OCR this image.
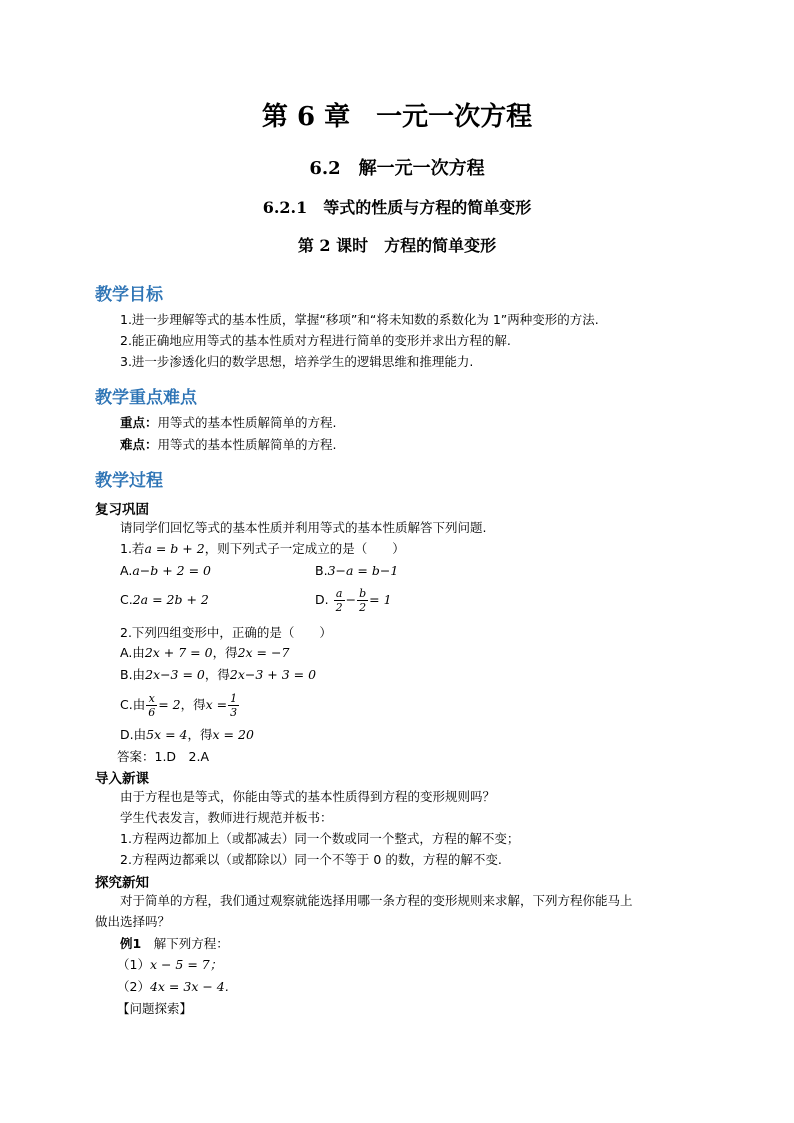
第 6 章　一元一次方程
6.2　解一元一次方程
6.2.1　等式的性质与方程的简单变形
第 2 课时　方程的简单变形
教学目标
1.进一步理解等式的基本性质，掌握“移项”和“将未知数的系数化为 1”两种变形的方法.
2.能正确地应用等式的基本性质对方程进行简单的变形并求出方程的解.
3.进一步渗透化归的数学思想，培养学生的逻辑思维和推理能力.
教学重点难点
重点：用等式的基本性质解简单的方程.
难点：用等式的基本性质解简单的方程.
教学过程
复习巩固
请同学们回忆等式的基本性质并利用等式的基本性质解答下列问题.
1.若a = b + 2，则下列式子一定成立的是（　　）
A.a−b + 2 = 0	B.3−a = b−1
C.2a = 2b + 2	D. $\frac{a}{2} - \frac{b}{2} = 1$
2.下列四组变形中，正确的是（　　）
A.由2x + 7 = 0，得2x = −7
B.由2x−3 = 0，得2x−3 + 3 = 0
C.由 $\frac{x}{6} = 2$，得$x = \frac{1}{3}$
D.由5x = 4，得x = 20
答案：1.D　2.A
导入新课
由于方程也是等式，你能由等式的基本性质得到方程的变形规则吗？
学生代表发言，教师进行规范并板书：
1.方程两边都加上（或都减去）同一个数或同一个整式，方程的解不变；
2.方程两边都乘以（或都除以）同一个不等于 0 的数，方程的解不变.
探究新知
对于简单的方程，我们通过观察就能选择用哪一条方程的变形规则来求解，下列方程你能马上
做出选择吗？
例1　解下列方程：
（1）x − 5 = 7；
（2）4x = 3x − 4.
【问题探索】
